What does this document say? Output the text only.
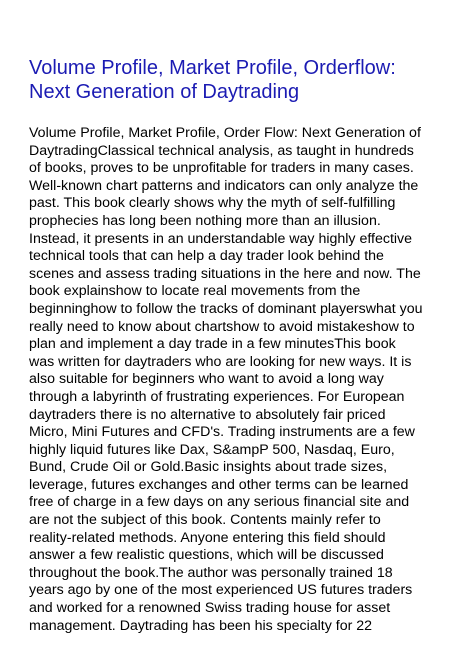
Volume Profile, Market Profile, Orderflow:
Next Generation of Daytrading
Volume Profile, Market Profile, Order Flow: Next Generation of
DaytradingClassical technical analysis, as taught in hundreds
of books, proves to be unprofitable for traders in many cases.
Well-known chart patterns and indicators can only analyze the
past. This book clearly shows why the myth of self-fulfilling
prophecies has long been nothing more than an illusion.
Instead, it presents in an understandable way highly effective
technical tools that can help a day trader look behind the
scenes and assess trading situations in the here and now. The
book explainshow to locate real movements from the
beginninghow to follow the tracks of dominant playerswhat you
really need to know about chartshow to avoid mistakeshow to
plan and implement a day trade in a few minutesThis book
was written for daytraders who are looking for new ways. It is
also suitable for beginners who want to avoid a long way
through a labyrinth of frustrating experiences. For European
daytraders there is no alternative to absolutely fair priced
Micro, Mini Futures and CFD's. Trading instruments are a few
highly liquid futures like Dax, S&ampP 500, Nasdaq, Euro,
Bund, Crude Oil or Gold.Basic insights about trade sizes,
leverage, futures exchanges and other terms can be learned
free of charge in a few days on any serious financial site and
are not the subject of this book. Contents mainly refer to
reality-related methods. Anyone entering this field should
answer a few realistic questions, which will be discussed
throughout the book.The author was personally trained 18
years ago by one of the most experienced US futures traders
and worked for a renowned Swiss trading house for asset
management. Daytrading has been his specialty for 22
